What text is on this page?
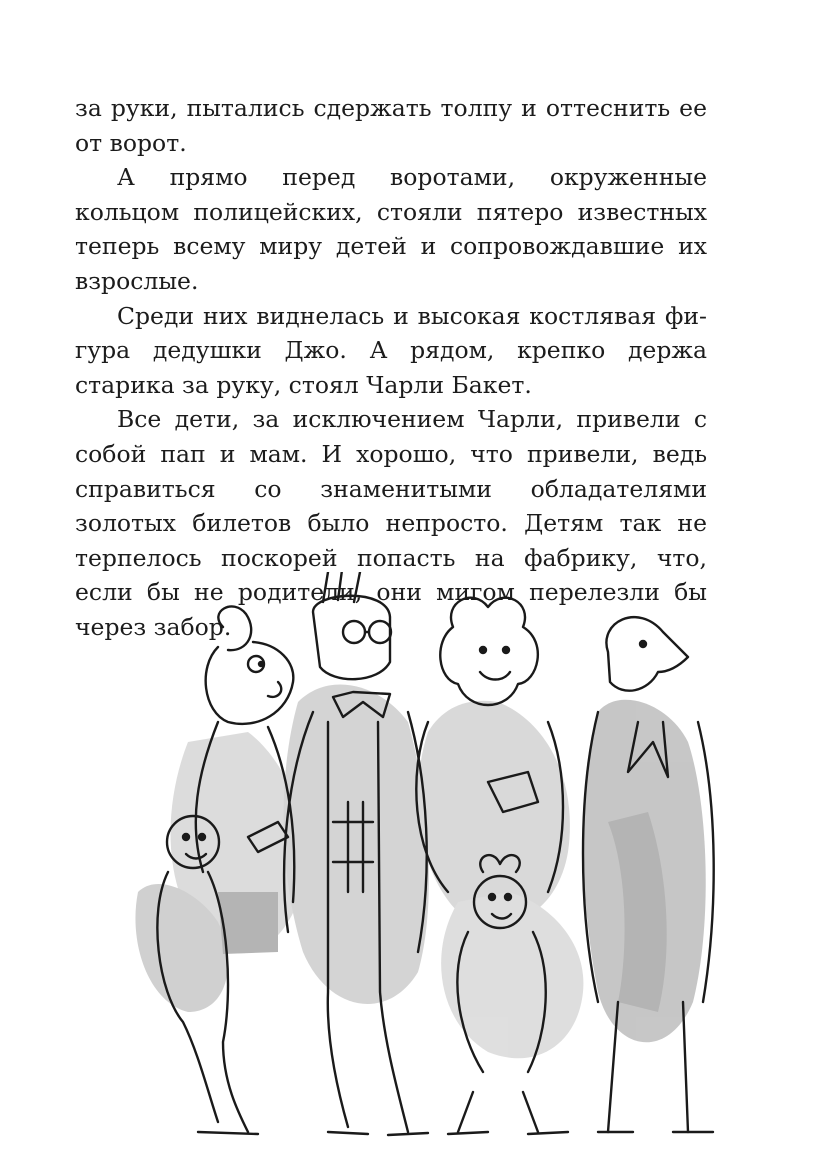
за руки, пытались сдержать толпу и оттеснить ее от ворот.

А прямо перед воротами, окруженные кольцом полицейских, стояли пятеро известных теперь всему миру детей и сопровождавшие их взрослые.

Среди них виднелась и высокая костлявая фигура дедушки Джо. А рядом, крепко держа старика за руку, стоял Чарли Бакет.

Все дети, за исключением Чарли, привели с собой пап и мам. И хорошо, что привели, ведь справиться со знаменитыми обладателями золотых билетов было непросто. Детям так не терпелось поскорей попасть на фабрику, что, если бы не родители, они мигом перелезли бы через забор.
